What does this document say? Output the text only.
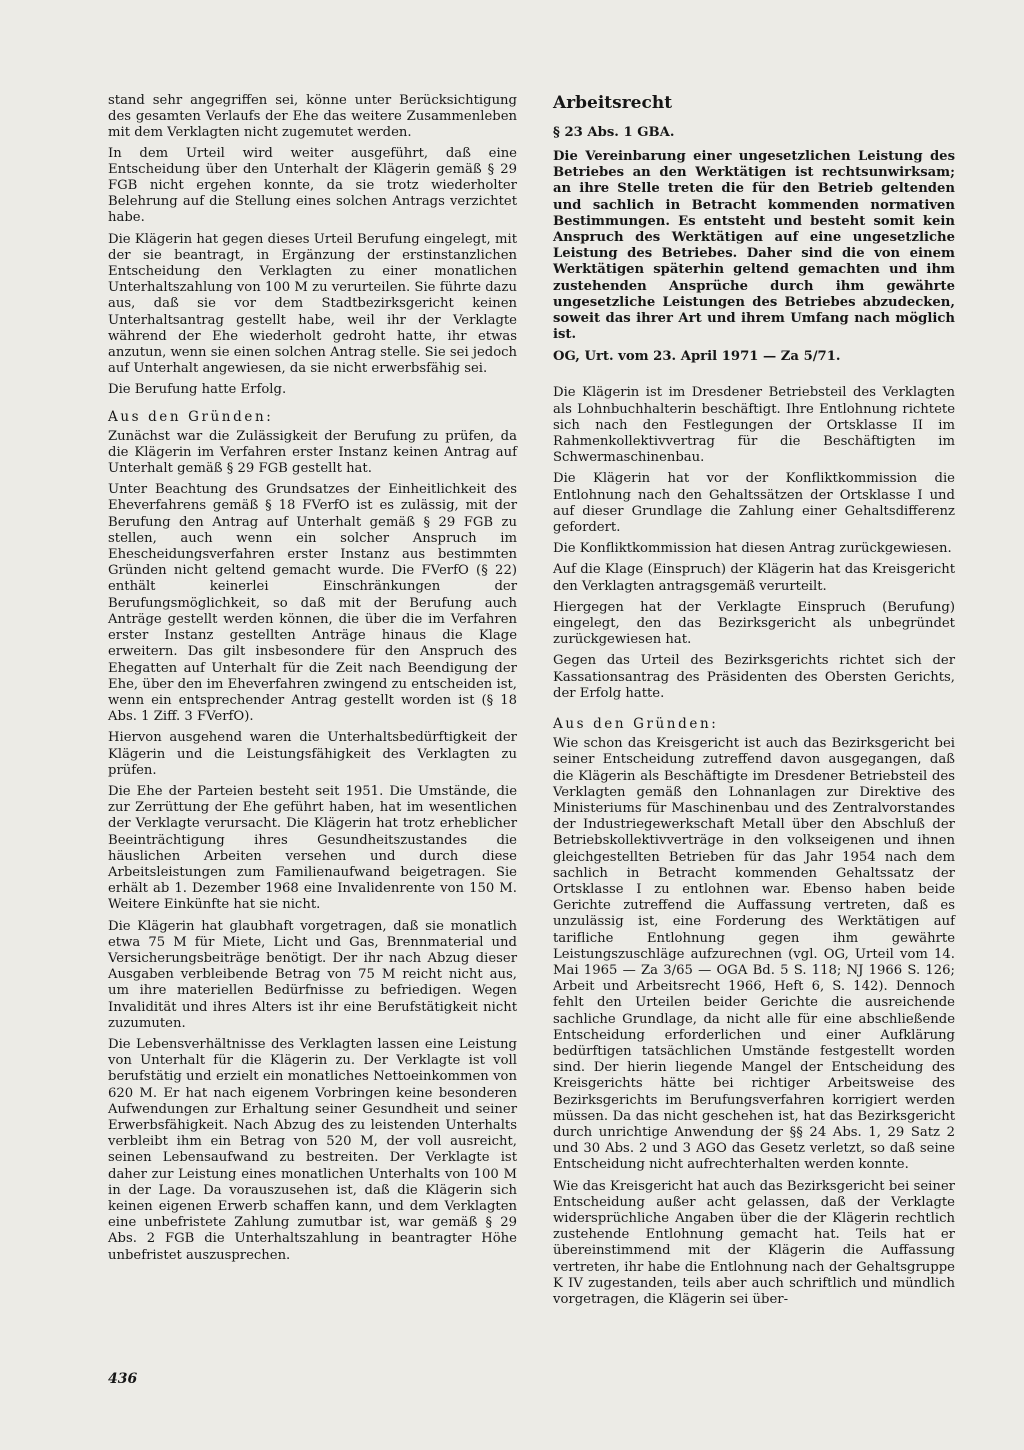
stand sehr angegriffen sei, könne unter Berücksichtigung des gesamten Verlaufs der Ehe das weitere Zusammenleben mit dem Verklagten nicht zugemutet werden.

In dem Urteil wird weiter ausgeführt, daß eine Entscheidung über den Unterhalt der Klägerin gemäß § 29 FGB nicht ergehen konnte, da sie trotz wiederholter Belehrung auf die Stellung eines solchen Antrags verzichtet habe.

Die Klägerin hat gegen dieses Urteil Berufung eingelegt, mit der sie beantragt, in Ergänzung der erstinstanzlichen Entscheidung den Verklagten zu einer monatlichen Unterhaltszahlung von 100 M zu verurteilen. Sie führte dazu aus, daß sie vor dem Stadtbezirksgericht keinen Unterhaltsantrag gestellt habe, weil ihr der Verklagte während der Ehe wiederholt gedroht hatte, ihr etwas anzutun, wenn sie einen solchen Antrag stelle. Sie sei jedoch auf Unterhalt angewiesen, da sie nicht erwerbsfähig sei.

Die Berufung hatte Erfolg.

Aus den Gründen:

Zunächst war die Zulässigkeit der Berufung zu prüfen, da die Klägerin im Verfahren erster Instanz keinen Antrag auf Unterhalt gemäß § 29 FGB gestellt hat.

Unter Beachtung des Grundsatzes der Einheitlichkeit des Eheverfahrens gemäß § 18 FVerfO ist es zulässig, mit der Berufung den Antrag auf Unterhalt gemäß § 29 FGB zu stellen, auch wenn ein solcher Anspruch im Ehescheidungsverfahren erster Instanz aus bestimmten Gründen nicht geltend gemacht wurde. Die FVerfO (§ 22) enthält keinerlei Einschränkungen der Berufungsmöglichkeit, so daß mit der Berufung auch Anträge gestellt werden können, die über die im Verfahren erster Instanz gestellten Anträge hinaus die Klage erweitern. Das gilt insbesondere für den Anspruch des Ehegatten auf Unterhalt für die Zeit nach Beendigung der Ehe, über den im Eheverfahren zwingend zu entscheiden ist, wenn ein entsprechender Antrag gestellt worden ist (§ 18 Abs. 1 Ziff. 3 FVerfO).

Hiervon ausgehend waren die Unterhaltsbedürftigkeit der Klägerin und die Leistungsfähigkeit des Verklagten zu prüfen.

Die Ehe der Parteien besteht seit 1951. Die Umstände, die zur Zerrüttung der Ehe geführt haben, hat im wesentlichen der Verklagte verursacht. Die Klägerin hat trotz erheblicher Beeinträchtigung ihres Gesundheitszustandes die häuslichen Arbeiten versehen und durch diese Arbeitsleistungen zum Familienaufwand beigetragen. Sie erhält ab 1. Dezember 1968 eine Invalidenrente von 150 M. Weitere Einkünfte hat sie nicht.

Die Klägerin hat glaubhaft vorgetragen, daß sie monatlich etwa 75 M für Miete, Licht und Gas, Brennmaterial und Versicherungsbeiträge benötigt. Der ihr nach Abzug dieser Ausgaben verbleibende Betrag von 75 M reicht nicht aus, um ihre materiellen Bedürfnisse zu befriedigen. Wegen Invalidität und ihres Alters ist ihr eine Berufstätigkeit nicht zuzumuten.

Die Lebensverhältnisse des Verklagten lassen eine Leistung von Unterhalt für die Klägerin zu. Der Verklagte ist voll berufstätig und erzielt ein monatliches Nettoeinkommen von 620 M. Er hat nach eigenem Vorbringen keine besonderen Aufwendungen zur Erhaltung seiner Gesundheit und seiner Erwerbsfähigkeit. Nach Abzug des zu leistenden Unterhalts verbleibt ihm ein Betrag von 520 M, der voll ausreicht, seinen Lebensaufwand zu bestreiten. Der Verklagte ist daher zur Leistung eines monatlichen Unterhalts von 100 M in der Lage. Da vorauszusehen ist, daß die Klägerin sich keinen eigenen Erwerb schaffen kann, und dem Verklagten eine unbefristete Zahlung zumutbar ist, war gemäß § 29 Abs. 2 FGB die Unterhaltszahlung in beantragter Höhe unbefristet auszusprechen.

Arbeitsrecht
§ 23 Abs. 1 GBA.

Die Vereinbarung einer ungesetzlichen Leistung des Betriebes an den Werktätigen ist rechtsunwirksam; an ihre Stelle treten die für den Betrieb geltenden und sachlich in Betracht kommenden normativen Bestimmungen. Es entsteht und besteht somit kein Anspruch des Werktätigen auf eine ungesetzliche Leistung des Betriebes. Daher sind die von einem Werktätigen späterhin geltend gemachten und ihm zustehenden Ansprüche durch ihm gewährte ungesetzliche Leistungen des Betriebes abzudecken, soweit das ihrer Art und ihrem Umfang nach möglich ist.

OG, Urt. vom 23. April 1971 — Za 5/71.

Die Klägerin ist im Dresdener Betriebsteil des Verklagten als Lohnbuchhalterin beschäftigt. Ihre Entlohnung richtete sich nach den Festlegungen der Ortsklasse II im Rahmenkollektivvertrag für die Beschäftigten im Schwermaschinenbau.

Die Klägerin hat vor der Konfliktkommission die Entlohnung nach den Gehaltssätzen der Ortsklasse I und auf dieser Grundlage die Zahlung einer Gehaltsdifferenz gefordert.

Die Konfliktkommission hat diesen Antrag zurückgewiesen.

Auf die Klage (Einspruch) der Klägerin hat das Kreisgericht den Verklagten antragsgemäß verurteilt.

Hiergegen hat der Verklagte Einspruch (Berufung) eingelegt, den das Bezirksgericht als unbegründet zurückgewiesen hat.

Gegen das Urteil des Bezirksgerichts richtet sich der Kassationsantrag des Präsidenten des Obersten Gerichts, der Erfolg hatte.

Aus den Gründen:

Wie schon das Kreisgericht ist auch das Bezirksgericht bei seiner Entscheidung zutreffend davon ausgegangen, daß die Klägerin als Beschäftigte im Dresdener Betriebsteil des Verklagten gemäß den Lohnanlagen zur Direktive des Ministeriums für Maschinenbau und des Zentralvorstandes der Industriegewerkschaft Metall über den Abschluß der Betriebskollektivverträge in den volkseigenen und ihnen gleichgestellten Betrieben für das Jahr 1954 nach dem sachlich in Betracht kommenden Gehaltssatz der Ortsklasse I zu entlohnen war. Ebenso haben beide Gerichte zutreffend die Auffassung vertreten, daß es unzulässig ist, eine Forderung des Werktätigen auf tarifliche Entlohnung gegen ihm gewährte Leistungszuschläge aufzurechnen (vgl. OG, Urteil vom 14. Mai 1965 — Za 3/65 — OGA Bd. 5 S. 118; NJ 1966 S. 126; Arbeit und Arbeitsrecht 1966, Heft 6, S. 142). Dennoch fehlt den Urteilen beider Gerichte die ausreichende sachliche Grundlage, da nicht alle für eine abschließende Entscheidung erforderlichen und einer Aufklärung bedürftigen tatsächlichen Umstände festgestellt worden sind. Der hierin liegende Mangel der Entscheidung des Kreisgerichts hätte bei richtiger Arbeitsweise des Bezirksgerichts im Berufungsverfahren korrigiert werden müssen. Da das nicht geschehen ist, hat das Bezirksgericht durch unrichtige Anwendung der §§ 24 Abs. 1, 29 Satz 2 und 30 Abs. 2 und 3 AGO das Gesetz verletzt, so daß seine Entscheidung nicht aufrechterhalten werden konnte.

Wie das Kreisgericht hat auch das Bezirksgericht bei seiner Entscheidung außer acht gelassen, daß der Verklagte widersprüchliche Angaben über die der Klägerin rechtlich zustehende Entlohnung gemacht hat. Teils hat er übereinstimmend mit der Klägerin die Auffassung vertreten, ihr habe die Entlohnung nach der Gehaltsgruppe K IV zugestanden, teils aber auch schriftlich und mündlich vorgetragen, die Klägerin sei über-

436
